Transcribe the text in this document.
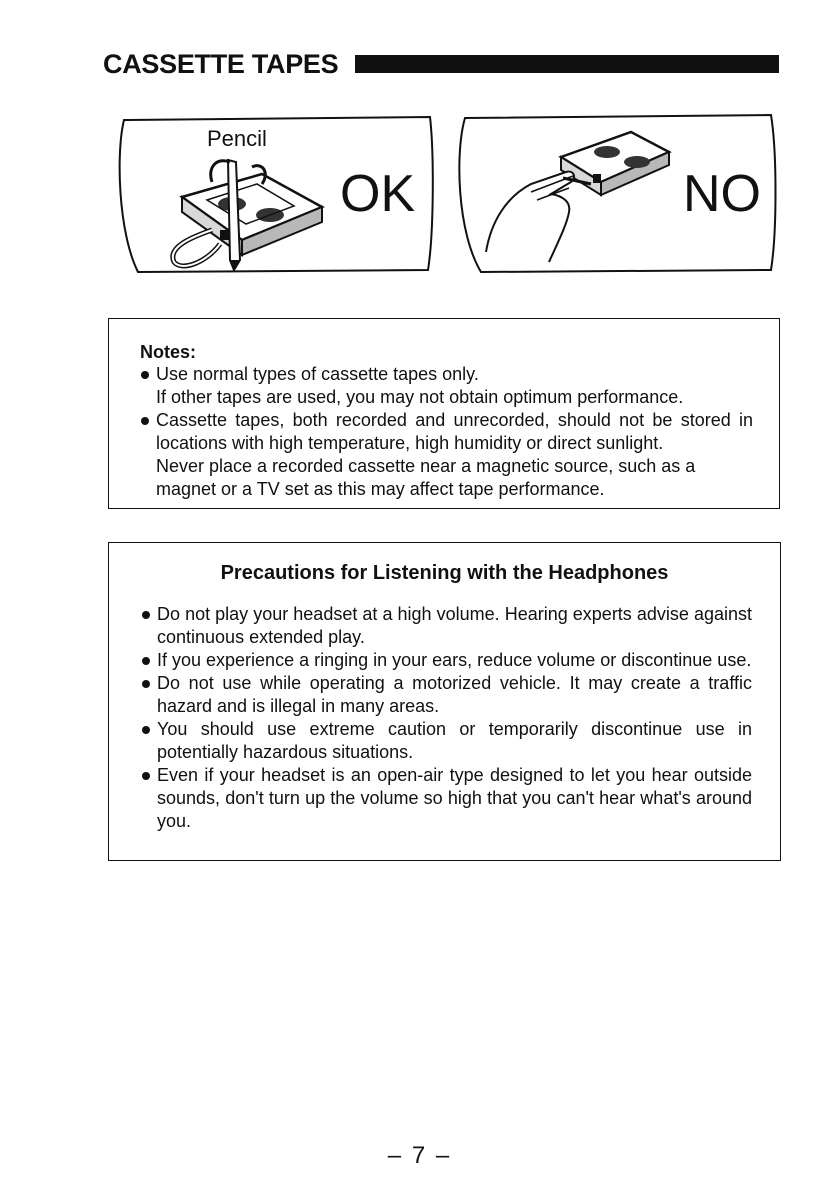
CASSETTE TAPES
Pencil
OK	NO
Notes:
Use normal types of cassette tapes only.
If other tapes are used, you may not obtain optimum performance.
Cassette tapes, both recorded and unrecorded, should not be stored in locations with high temperature, high humidity or direct sunlight.
Never place a recorded cassette near a magnetic source, such as a magnet or a TV set as this may affect tape performance.
Precautions for Listening with the Headphones
Do not play your headset at a high volume. Hearing experts advise against continuous extended play.
If you experience a ringing in your ears, reduce volume or discontinue use.
Do not use while operating a motorized vehicle. It may create a traffic hazard and is illegal in many areas.
You should use extreme caution or temporarily discontinue use in potentially hazardous situations.
Even if your headset is an open-air type designed to let you hear outside sounds, don't turn up the volume so high that you can't hear what's around you.
– 7 –
